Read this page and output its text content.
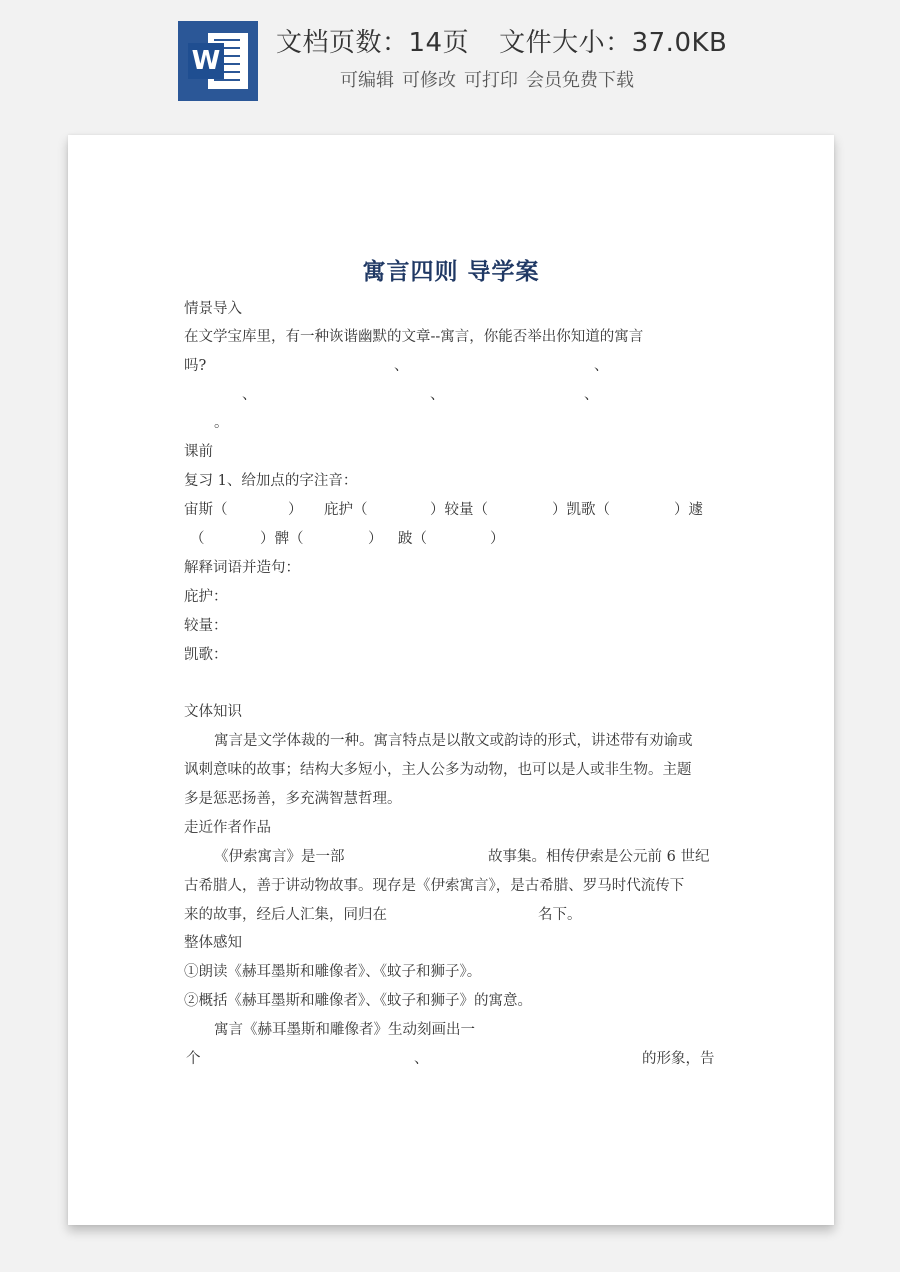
W
文档页数：14页 文件大小：37.0KB
可编辑 可修改 可打印 会员免费下载
寓言四则 导学案
情景导入
在文学宝库里，有一种诙谐幽默的文章--寓言，你能否举出你知道的寓言
吗?	、	、
、	、	、
。
课前
复习 1、给加点的字注音：
宙斯（	） 庇护（	）较量（	）凯歌（	）遽
（	）髀（	） 跛（	）
解释词语并造句：
庇护：
较量：
凯歌：
文体知识
寓言是文学体裁的一种。寓言特点是以散文或韵诗的形式，讲述带有劝谕或
讽刺意味的故事；结构大多短小，主人公多为动物，也可以是人或非生物。主题
多是惩恶扬善，多充满智慧哲理。
走近作者作品
《伊索寓言》是一部	故事集。相传伊索是公元前 6 世纪
古希腊人，善于讲动物故事。现存是《伊索寓言》，是古希腊、罗马时代流传下
来的故事，经后人汇集，同归在	名下。
整体感知
①朗读《赫耳墨斯和雕像者》、《蚊子和狮子》。
②概括《赫耳墨斯和雕像者》、《蚊子和狮子》的寓意。
寓言《赫耳墨斯和雕像者》生动刻画出一
个	、	的形象，告
